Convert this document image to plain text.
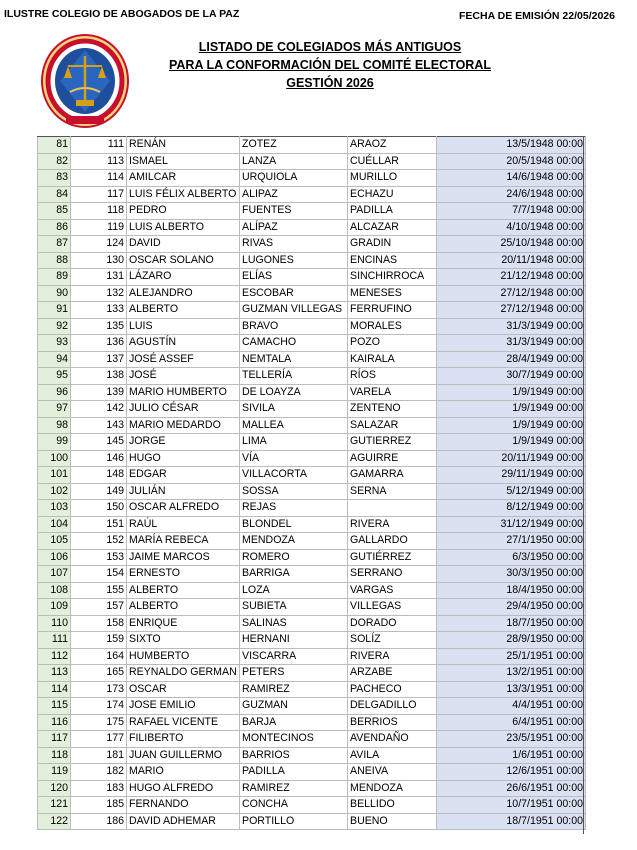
ILUSTRE COLEGIO DE ABOGADOS DE LA PAZ	FECHA DE EMISIÓN 22/05/2026
LISTADO DE COLEGIADOS MÁS ANTIGUOS
PARA LA CONFORMACIÓN DEL COMITÉ ELECTORAL
GESTIÓN 2026
81	111	RENÁN	ZOTEZ	ARAOZ	13/5/1948 00:00
82	113	ISMAEL	LANZA	CUÉLLAR	20/5/1948 00:00
83	114	AMILCAR	URQUIOLA	MURILLO	14/6/1948 00:00
84	117	LUIS FÉLIX ALBERTO	ALIPAZ	ECHAZU	24/6/1948 00:00
85	118	PEDRO	FUENTES	PADILLA	7/7/1948 00:00
86	119	LUIS ALBERTO	ALÍPAZ	ALCAZAR	4/10/1948 00:00
87	124	DAVID	RIVAS	GRADIN	25/10/1948 00:00
88	130	OSCAR SOLANO	LUGONES	ENCINAS	20/11/1948 00:00
89	131	LÁZARO	ELÍAS	SINCHIRROCA	21/12/1948 00:00
90	132	ALEJANDRO	ESCOBAR	MENESES	27/12/1948 00:00
91	133	ALBERTO	GUZMAN VILLEGAS	FERRUFINO	27/12/1948 00:00
92	135	LUIS	BRAVO	MORALES	31/3/1949 00:00
93	136	AGUSTÍN	CAMACHO	POZO	31/3/1949 00:00
94	137	JOSÉ ASSEF	NEMTALA	KAIRALA	28/4/1949 00:00
95	138	JOSÉ	TELLERÍA	RÍOS	30/7/1949 00:00
96	139	MARIO HUMBERTO	DE LOAYZA	VARELA	1/9/1949 00:00
97	142	JULIO CÉSAR	SIVILA	ZENTENO	1/9/1949 00:00
98	143	MARIO MEDARDO	MALLEA	SALAZAR	1/9/1949 00:00
99	145	JORGE	LIMA	GUTIERREZ	1/9/1949 00:00
100	146	HUGO	VÍA	AGUIRRE	20/11/1949 00:00
101	148	EDGAR	VILLACORTA	GAMARRA	29/11/1949 00:00
102	149	JULIÁN	SOSSA	SERNA	5/12/1949 00:00
103	150	OSCAR ALFREDO	REJAS		8/12/1949 00:00
104	151	RAÚL	BLONDEL	RIVERA	31/12/1949 00:00
105	152	MARÍA REBECA	MENDOZA	GALLARDO	27/1/1950 00:00
106	153	JAIME MARCOS	ROMERO	GUTIÉRREZ	6/3/1950 00:00
107	154	ERNESTO	BARRIGA	SERRANO	30/3/1950 00:00
108	155	ALBERTO	LOZA	VARGAS	18/4/1950 00:00
109	157	ALBERTO	SUBIETA	VILLEGAS	29/4/1950 00:00
110	158	ENRIQUE	SALINAS	DORADO	18/7/1950 00:00
111	159	SIXTO	HERNANI	SOLÍZ	28/9/1950 00:00
112	164	HUMBERTO	VISCARRA	RIVERA	25/1/1951 00:00
113	165	REYNALDO GERMAN	PETERS	ARZABE	13/2/1951 00:00
114	173	OSCAR	RAMIREZ	PACHECO	13/3/1951 00:00
115	174	JOSE EMILIO	GUZMAN	DELGADILLO	4/4/1951 00:00
116	175	RAFAEL VICENTE	BARJA	BERRIOS	6/4/1951 00:00
117	177	FILIBERTO	MONTECINOS	AVENDAÑO	23/5/1951 00:00
118	181	JUAN GUILLERMO	BARRIOS	AVILA	1/6/1951 00:00
119	182	MARIO	PADILLA	ANEIVA	12/6/1951 00:00
120	183	HUGO ALFREDO	RAMIREZ	MENDOZA	26/6/1951 00:00
121	185	FERNANDO	CONCHA	BELLIDO	10/7/1951 00:00
122	186	DAVID ADHEMAR	PORTILLO	BUENO	18/7/1951 00:00
